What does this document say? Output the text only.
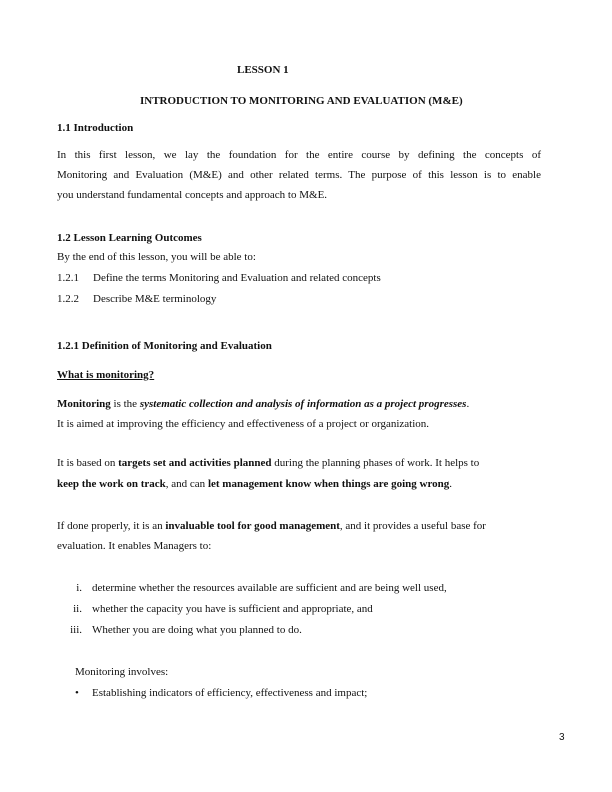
LESSON 1
INTRODUCTION TO MONITORING AND EVALUATION (M&E)
1.1 Introduction
In this first lesson, we lay the foundation for the entire course by defining the concepts of
Monitoring and Evaluation (M&E) and other related terms. The purpose of this lesson is to enable
you understand fundamental concepts and approach to M&E.
1.2 Lesson Learning Outcomes
By the end of this lesson, you will be able to:
1.2.1 Define the terms Monitoring and Evaluation and related concepts
1.2.2 Describe M&E terminology
1.2.1 Definition of Monitoring and Evaluation
What is monitoring?
Monitoring is the systematic collection and analysis of information as a project progresses.
It is aimed at improving the efficiency and effectiveness of a project or organization.
It is based on targets set and activities planned during the planning phases of work. It helps to
keep the work on track, and can let management know when things are going wrong.
If done properly, it is an invaluable tool for good management, and it provides a useful base for
evaluation. It enables Managers to:
i. determine whether the resources available are sufficient and are being well used,
ii. whether the capacity you have is sufficient and appropriate, and
iii. Whether you are doing what you planned to do.
Monitoring involves:
• Establishing indicators of efficiency, effectiveness and impact;
3
